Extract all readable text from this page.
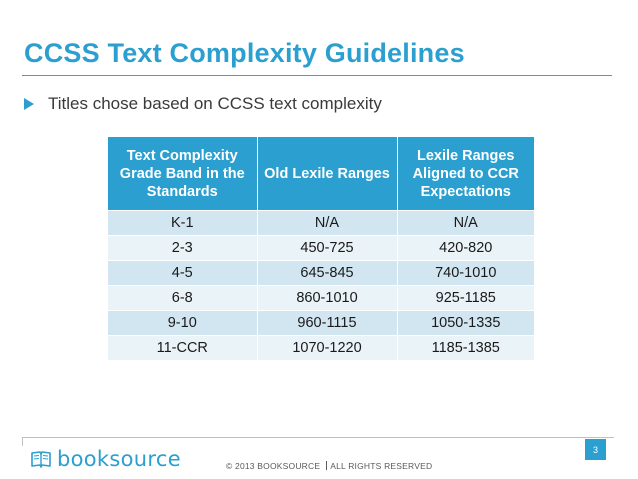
CCSS Text Complexity Guidelines
Titles chose based on CCSS text complexity
Text Complexity Grade Band in the Standards	Old Lexile Ranges	Lexile Ranges Aligned to CCR Expectations
K-1	N/A	N/A
2-3	450-725	420-820
4-5	645-845	740-1010
6-8	860-1010	925-1185
9-10	960-1115	1050-1335
11-CCR	1070-1220	1185-1385
booksource	© 2013 BOOKSOURCE ALL RIGHTS RESERVED
3
